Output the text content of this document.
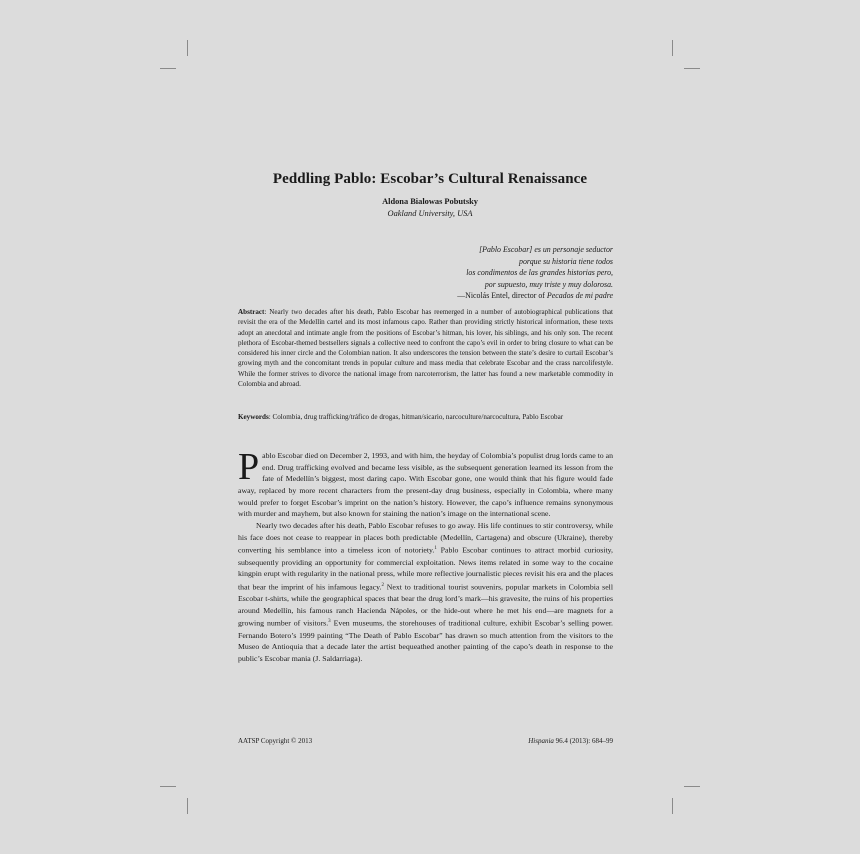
Peddling Pablo: Escobar’s Cultural Renaissance
Aldona Bialowas Pobutsky
Oakland University, USA
[Pablo Escobar] es un personaje seductor
porque su historia tiene todos
los condimentos de las grandes historias pero,
por supuesto, muy triste y muy dolorosa.
—Nicolás Entel, director of Pecados de mi padre
Abstract: Nearly two decades after his death, Pablo Escobar has reemerged in a number of autobiographical publications that revisit the era of the Medellín cartel and its most infamous capo. Rather than providing strictly historical information, these texts adopt an anecdotal and intimate angle from the positions of Escobar’s hitman, his lover, his siblings, and his only son. The recent plethora of Escobar-themed bestsellers signals a collective need to confront the capo’s evil in order to bring closure to what can be considered his inner circle and the Colombian nation. It also underscores the tension between the state’s desire to curtail Escobar’s growing myth and the concomitant trends in popular culture and mass media that celebrate Escobar and the crass narcolifestyle. While the former strives to divorce the national image from narcoterrorism, the latter has found a new marketable commodity in Colombia and abroad.
Keywords: Colombia, drug trafficking/tráfico de drogas, hitman/sicario, narcoculture/narcocultura, Pablo Escobar

Pablo Escobar died on December 2, 1993, and with him, the heyday of Colombia’s populist drug lords came to an end. Drug trafficking evolved and became less visible, as the subsequent generation learned its lesson from the fate of Medellín’s biggest, most daring capo. With Escobar gone, one would think that his figure would fade away, replaced by more recent characters from the present-day drug business, especially in Colombia, where many would prefer to forget Escobar’s imprint on the nation’s history. However, the capo’s influence remains synonymous with murder and mayhem, but also known for staining the nation’s image on the international scene.

Nearly two decades after his death, Pablo Escobar refuses to go away. His life continues to stir controversy, while his face does not cease to reappear in places both predictable (Medellín, Cartagena) and obscure (Ukraine), thereby converting his semblance into a timeless icon of notoriety.$^1$ Pablo Escobar continues to attract morbid curiosity, subsequently providing an opportunity for commercial exploitation. News items related in some way to the cocaine kingpin erupt with regularity in the national press, while more reflective journalistic pieces revisit his era and the places that bear the imprint of his infamous legacy.$^2$ Next to traditional tourist souvenirs, popular markets in Colombia sell Escobar t-shirts, while the geographical spaces that bear the drug lord’s mark—his gravesite, the ruins of his properties around Medellín, his famous ranch Hacienda Nápoles, or the hide-out where he met his end—are magnets for a growing number of visitors.$^3$ Even museums, the storehouses of traditional culture, exhibit Escobar’s selling power. Fernando Botero’s 1999 painting “The Death of Pablo Escobar” has drawn so much attention from the visitors to the Museo de Antioquia that a decade later the artist bequeathed another painting of the capo’s death in response to the public’s Escobar mania (J. Saldarriaga).

AATSP Copyright © 2013	Hispania 96.4 (2013): 684–99
